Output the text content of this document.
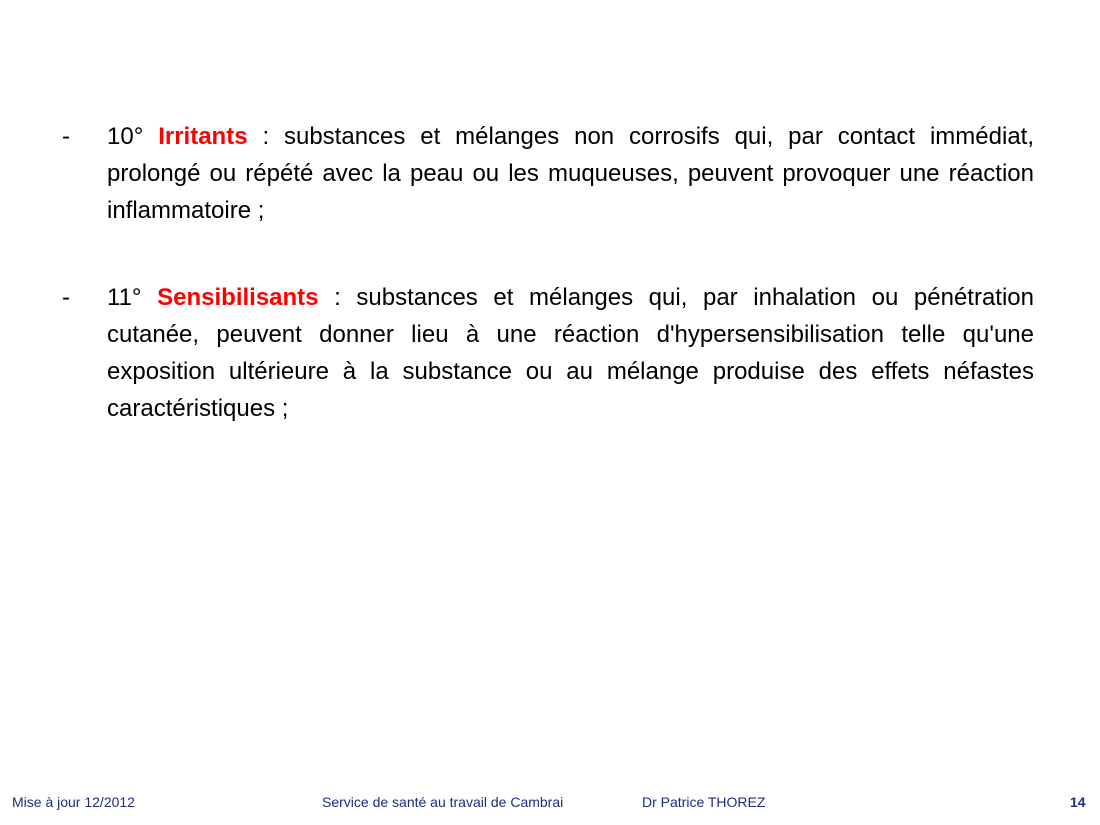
-	10° Irritants : substances et mélanges non corrosifs qui, par contact immédiat, prolongé ou répété avec la peau ou les muqueuses, peuvent provoquer une réaction inflammatoire ;
-	11° Sensibilisants : substances et mélanges qui, par inhalation ou pénétration cutanée, peuvent donner lieu à une réaction d'hypersensibilisation telle qu'une exposition ultérieure à la substance ou au mélange produise des effets néfastes caractéristiques ;
Mise à jour 12/2012	Service de santé au travail de Cambrai	Dr Patrice THOREZ	14
